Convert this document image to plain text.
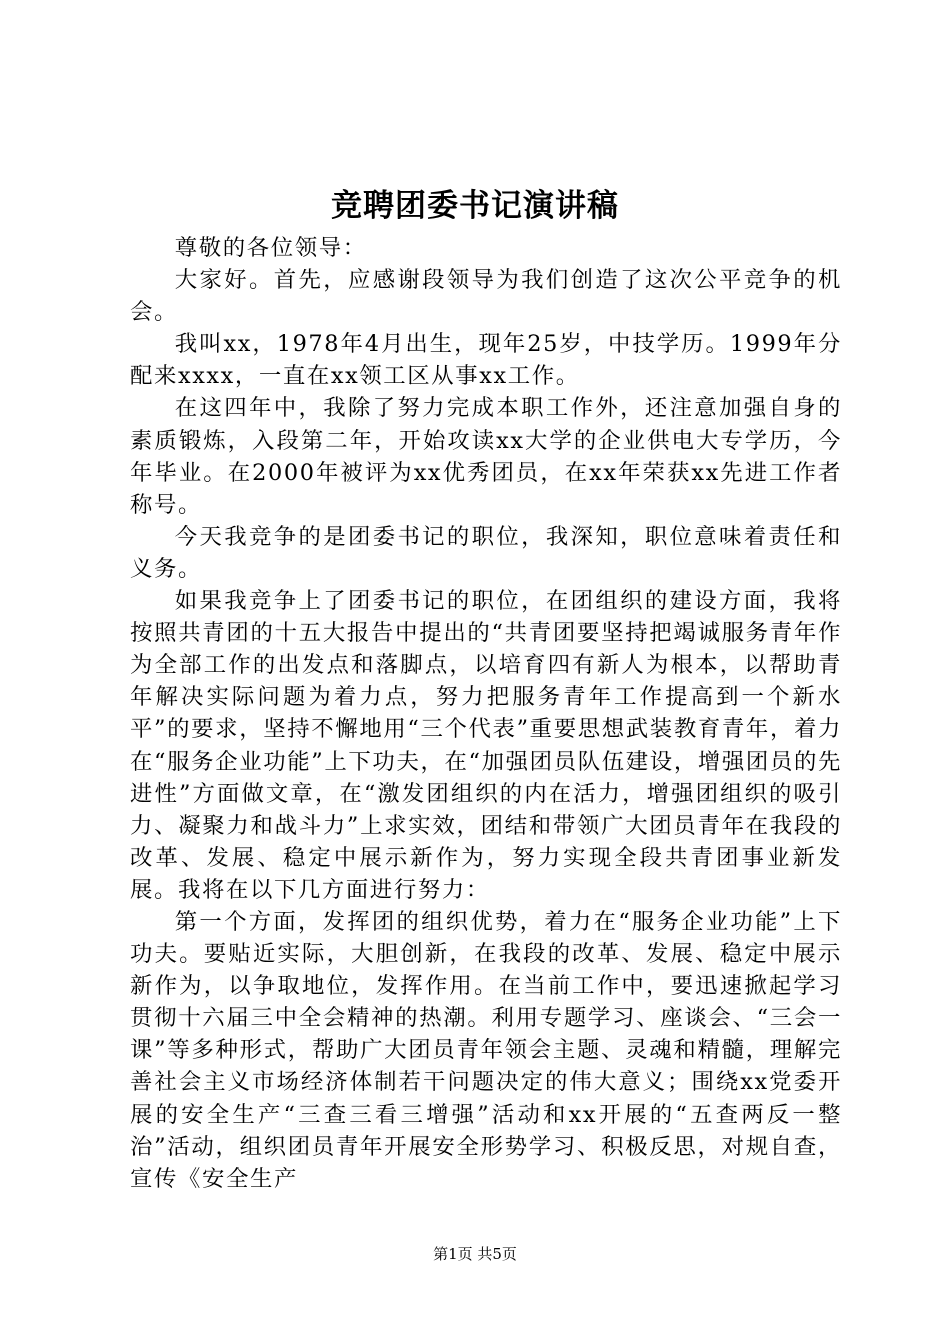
竞聘团委书记演讲稿

尊敬的各位领导：

大家好。首先，应感谢段领导为我们创造了这次公平竞争的机会。

我叫xx，1978年4月出生，现年25岁，中技学历。1999年分配来xxxx，一直在xx领工区从事xx工作。

在这四年中，我除了努力完成本职工作外，还注意加强自身的素质锻炼，入段第二年，开始攻读xx大学的企业供电大专学历，今年毕业。在2000年被评为xx优秀团员，在xx年荣获xx先进工作者称号。

今天我竞争的是团委书记的职位，我深知，职位意味着责任和义务。

如果我竞争上了团委书记的职位，在团组织的建设方面，我将按照共青团的十五大报告中提出的“共青团要坚持把竭诚服务青年作为全部工作的出发点和落脚点，以培育四有新人为根本，以帮助青年解决实际问题为着力点，努力把服务青年工作提高到一个新水平”的要求，坚持不懈地用“三个代表”重要思想武装教育青年，着力在“服务企业功能”上下功夫，在“加强团员队伍建设，增强团员的先进性”方面做文章，在“激发团组织的内在活力，增强团组织的吸引力、凝聚力和战斗力”上求实效，团结和带领广大团员青年在我段的改革、发展、稳定中展示新作为，努力实现全段共青团事业新发展。我将在以下几方面进行努力：

第一个方面，发挥团的组织优势，着力在“服务企业功能”上下功夫。要贴近实际，大胆创新，在我段的改革、发展、稳定中展示新作为，以争取地位，发挥作用。在当前工作中，要迅速掀起学习贯彻十六届三中全会精神的热潮。利用专题学习、座谈会、“三会一课”等多种形式，帮助广大团员青年领会主题、灵魂和精髓，理解完善社会主义市场经济体制若干问题决定的伟大意义；围绕xx党委开展的安全生产“三查三看三增强”活动和xx开展的“五查两反一整治”活动，组织团员青年开展安全形势学习、积极反思，对规自查，宣传《安全生产

第1页 共5页
